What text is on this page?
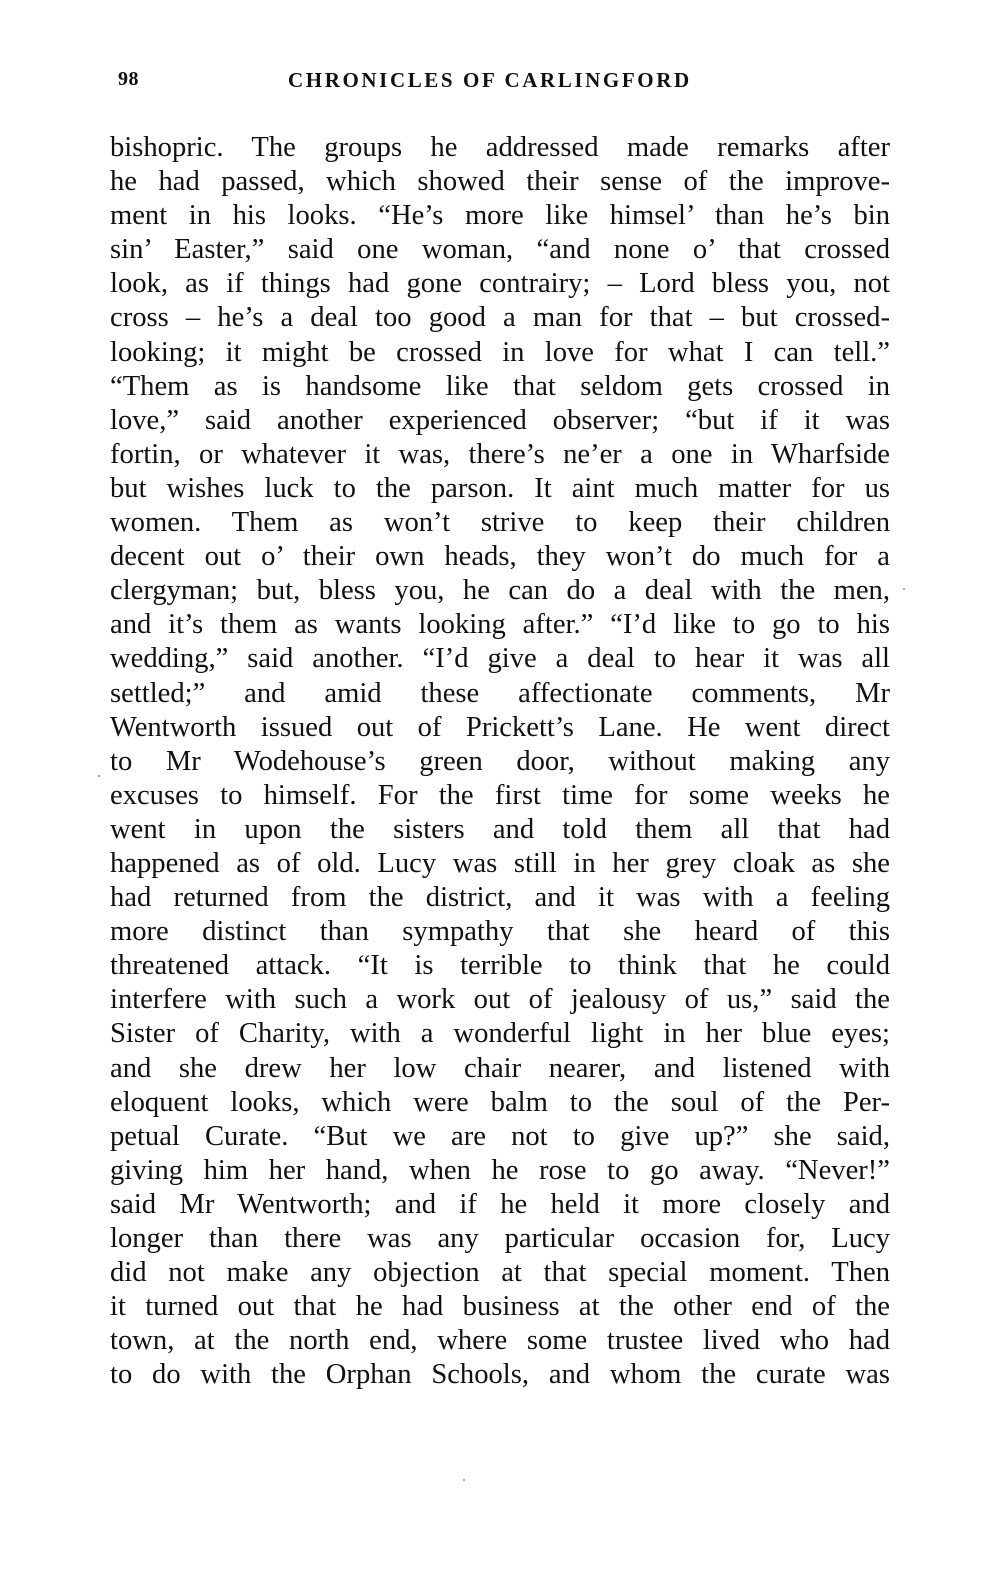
98	CHRONICLES OF CARLINGFORD
bishopric. The groups he addressed made remarks after
he had passed, which showed their sense of the improve-
ment in his looks. “He’s more like himsel’ than he’s bin
sin’ Easter,” said one woman, “and none o’ that crossed
look, as if things had gone contrairy; – Lord bless you, not
cross – he’s a deal too good a man for that – but crossed-
looking; it might be crossed in love for what I can tell.”
“Them as is handsome like that seldom gets crossed in
love,” said another experienced observer; “but if it was
fortin, or whatever it was, there’s ne’er a one in Wharfside
but wishes luck to the parson. It aint much matter for us
women. Them as won’t strive to keep their children
decent out o’ their own heads, they won’t do much for a
clergyman; but, bless you, he can do a deal with the men,
and it’s them as wants looking after.” “I’d like to go to his
wedding,” said another. “I’d give a deal to hear it was all
settled;” and amid these affectionate comments, Mr
Wentworth issued out of Prickett’s Lane. He went direct
to Mr Wodehouse’s green door, without making any
excuses to himself. For the first time for some weeks he
went in upon the sisters and told them all that had
happened as of old. Lucy was still in her grey cloak as she
had returned from the district, and it was with a feeling
more distinct than sympathy that she heard of this
threatened attack. “It is terrible to think that he could
interfere with such a work out of jealousy of us,” said the
Sister of Charity, with a wonderful light in her blue eyes;
and she drew her low chair nearer, and listened with
eloquent looks, which were balm to the soul of the Per-
petual Curate. “But we are not to give up?” she said,
giving him her hand, when he rose to go away. “Never!”
said Mr Wentworth; and if he held it more closely and
longer than there was any particular occasion for, Lucy
did not make any objection at that special moment. Then
it turned out that he had business at the other end of the
town, at the north end, where some trustee lived who had
to do with the Orphan Schools, and whom the curate was
